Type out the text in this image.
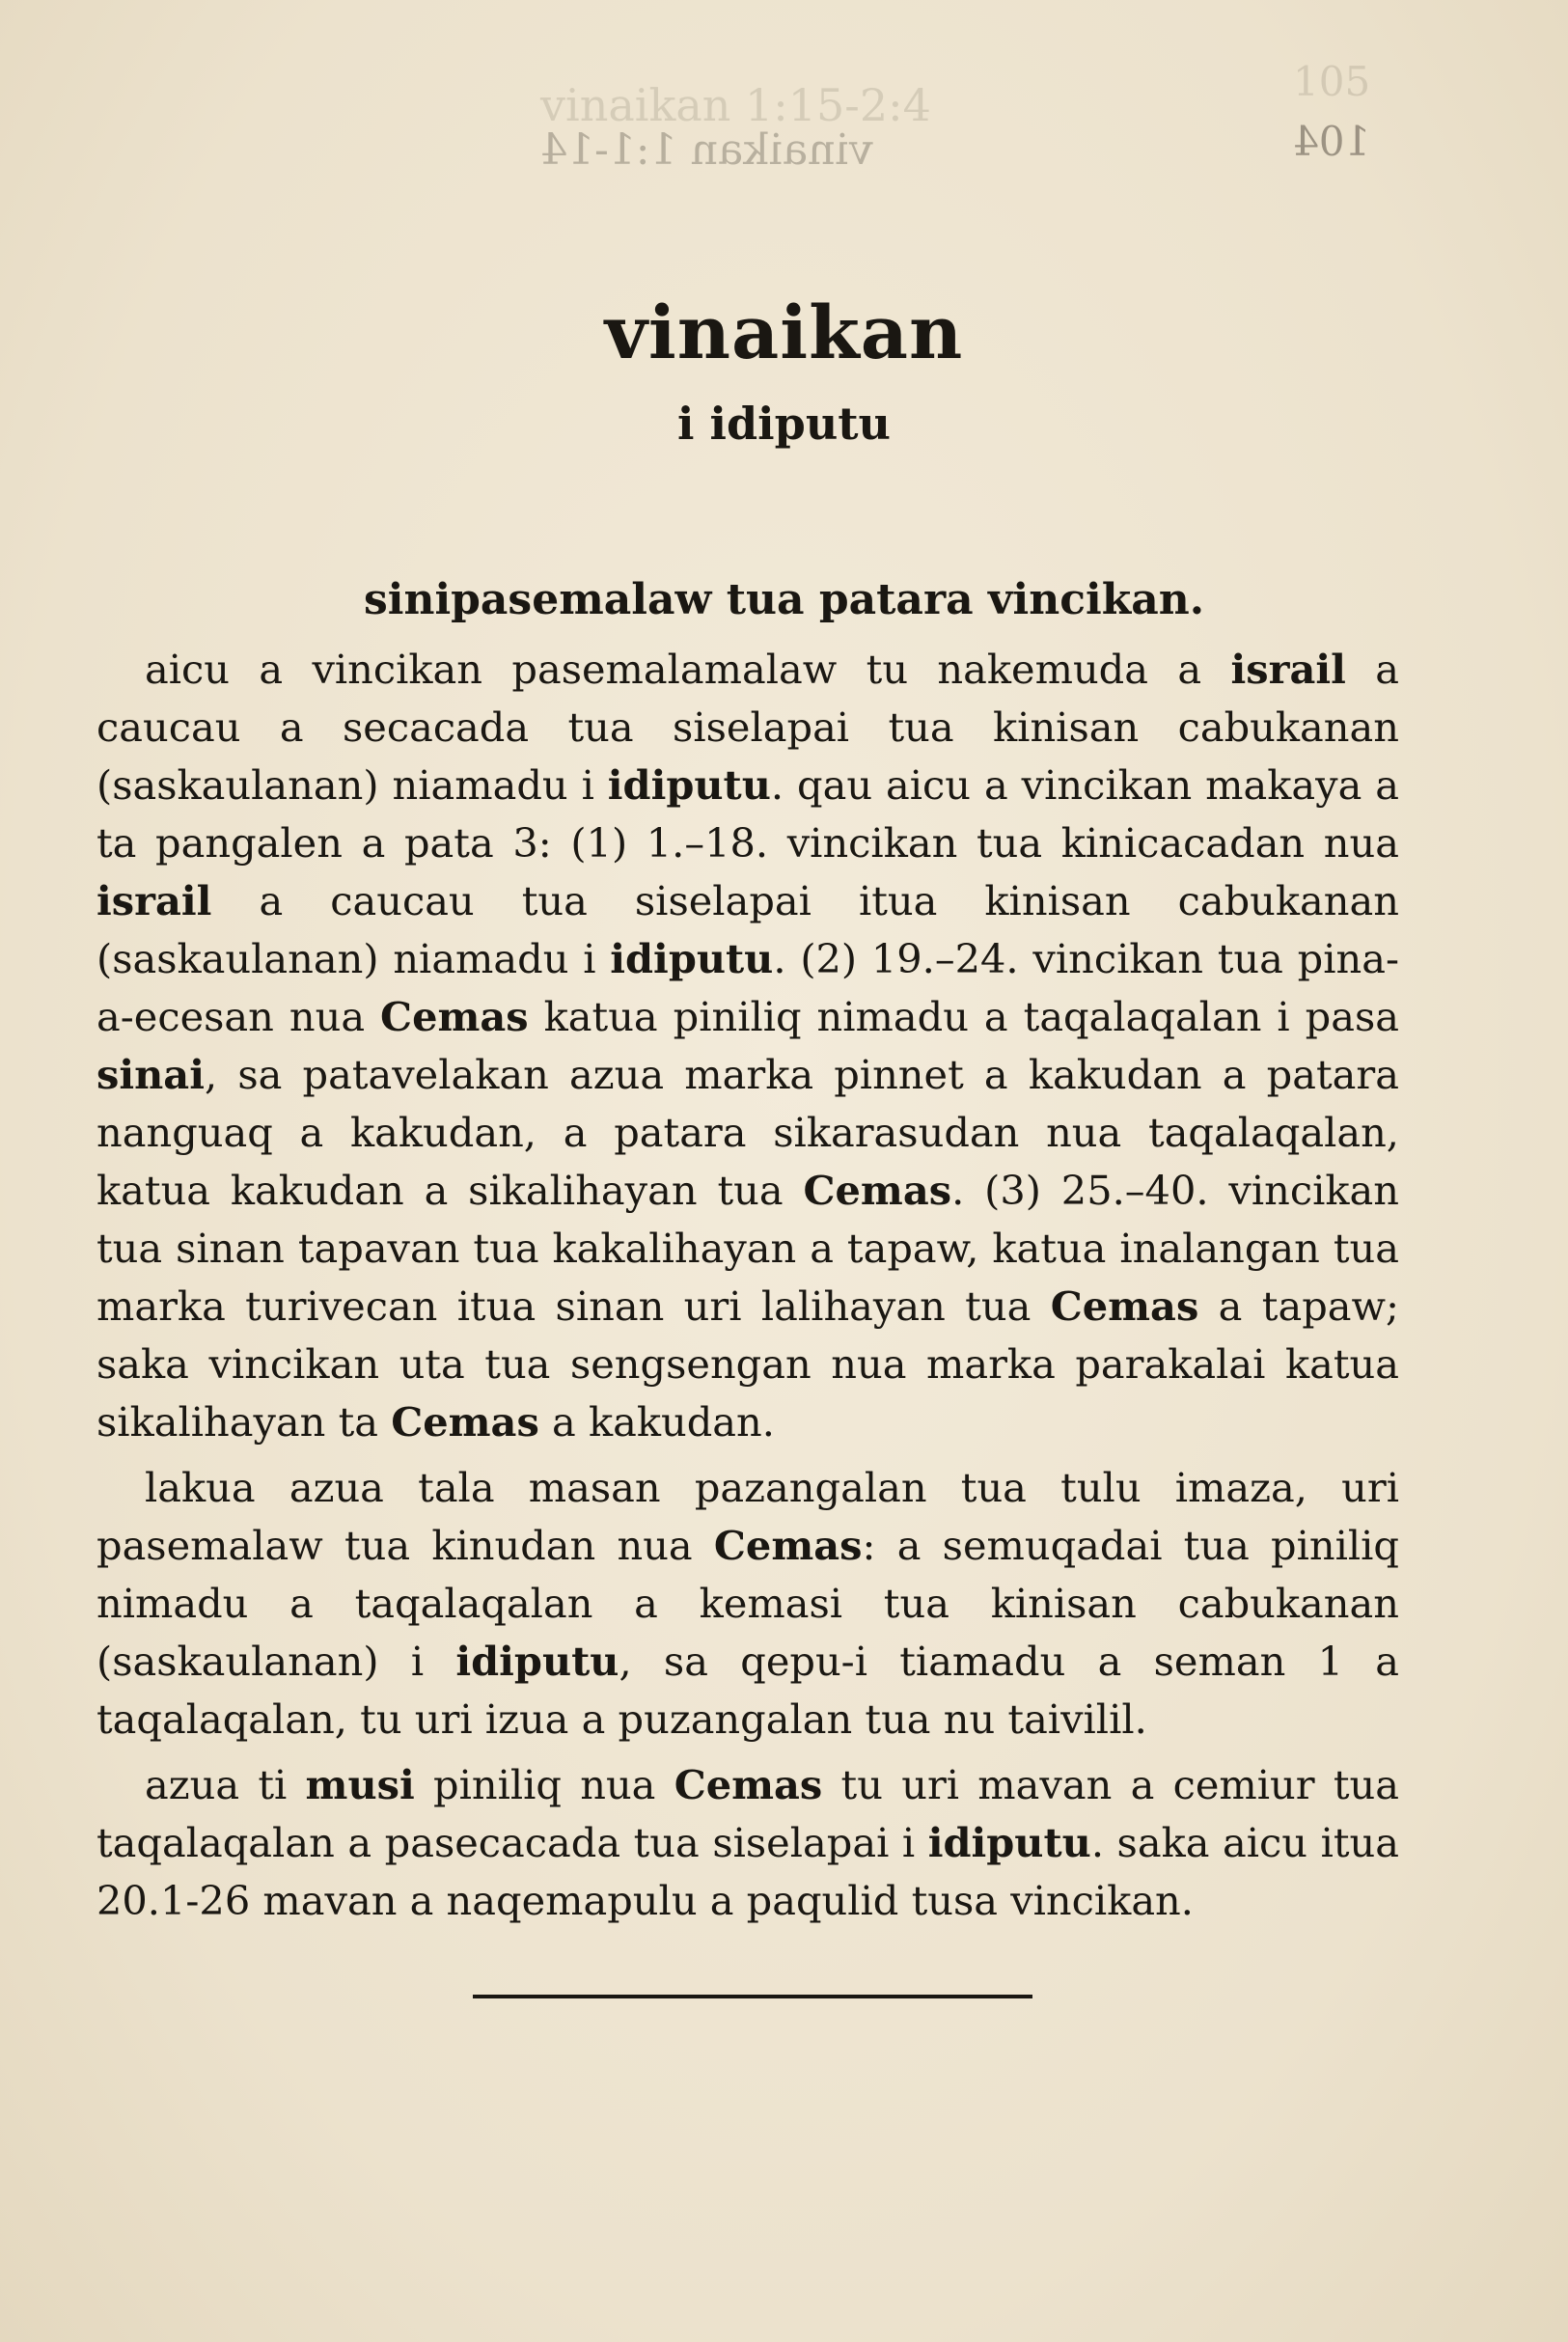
vinaikan 1:15-2:4	105
vinaikan 1:1-14	104
vinaikan
i idiputu
sinipasemalaw tua patara vincikan.

aicu a vincikan pasemalamalaw tu nakemuda a israil a caucau a secacada tua siselapai tua kinisan cabukanan (saskaulanan) niamadu i idiputu. qau aicu a vincikan makaya a ta pangalen a pata 3: (1) 1.–18. vincikan tua kinicacadan nua israil a caucau tua siselapai itua kinisan cabukanan (saskaulanan) niamadu i idiputu. (2) 19.–24. vincikan tua pina-a-ecesan nua Cemas katua piniliq nimadu a taqalaqalan i pasa sinai, sa patavelakan azua marka pinnet a kakudan a patara nanguaq a kakudan, a patara sikarasudan nua taqalaqalan, katua kakudan a sikalihayan tua Cemas. (3) 25.–40. vincikan tua sinan tapavan tua kakalihayan a tapaw, katua inalangan tua marka turivecan itua sinan uri lalihayan tua Cemas a tapaw; saka vincikan uta tua sengsengan nua marka parakalai katua sikalihayan ta Cemas a kakudan.

lakua azua tala masan pazangalan tua tulu imaza, uri pasemalaw tua kinudan nua Cemas: a semuqadai tua piniliq nimadu a taqalaqalan a kemasi tua kinisan cabukanan (saskaulanan) i idiputu, sa qepu-i tiamadu a seman 1 a taqalaqalan, tu uri izua a puzangalan tua nu taivilil.

azua ti musi piniliq nua Cemas tu uri mavan a cemiur tua taqalaqalan a pasecacada tua siselapai i idiputu. saka aicu itua 20.1-26 mavan a naqemapulu a paqulid tusa vincikan.
